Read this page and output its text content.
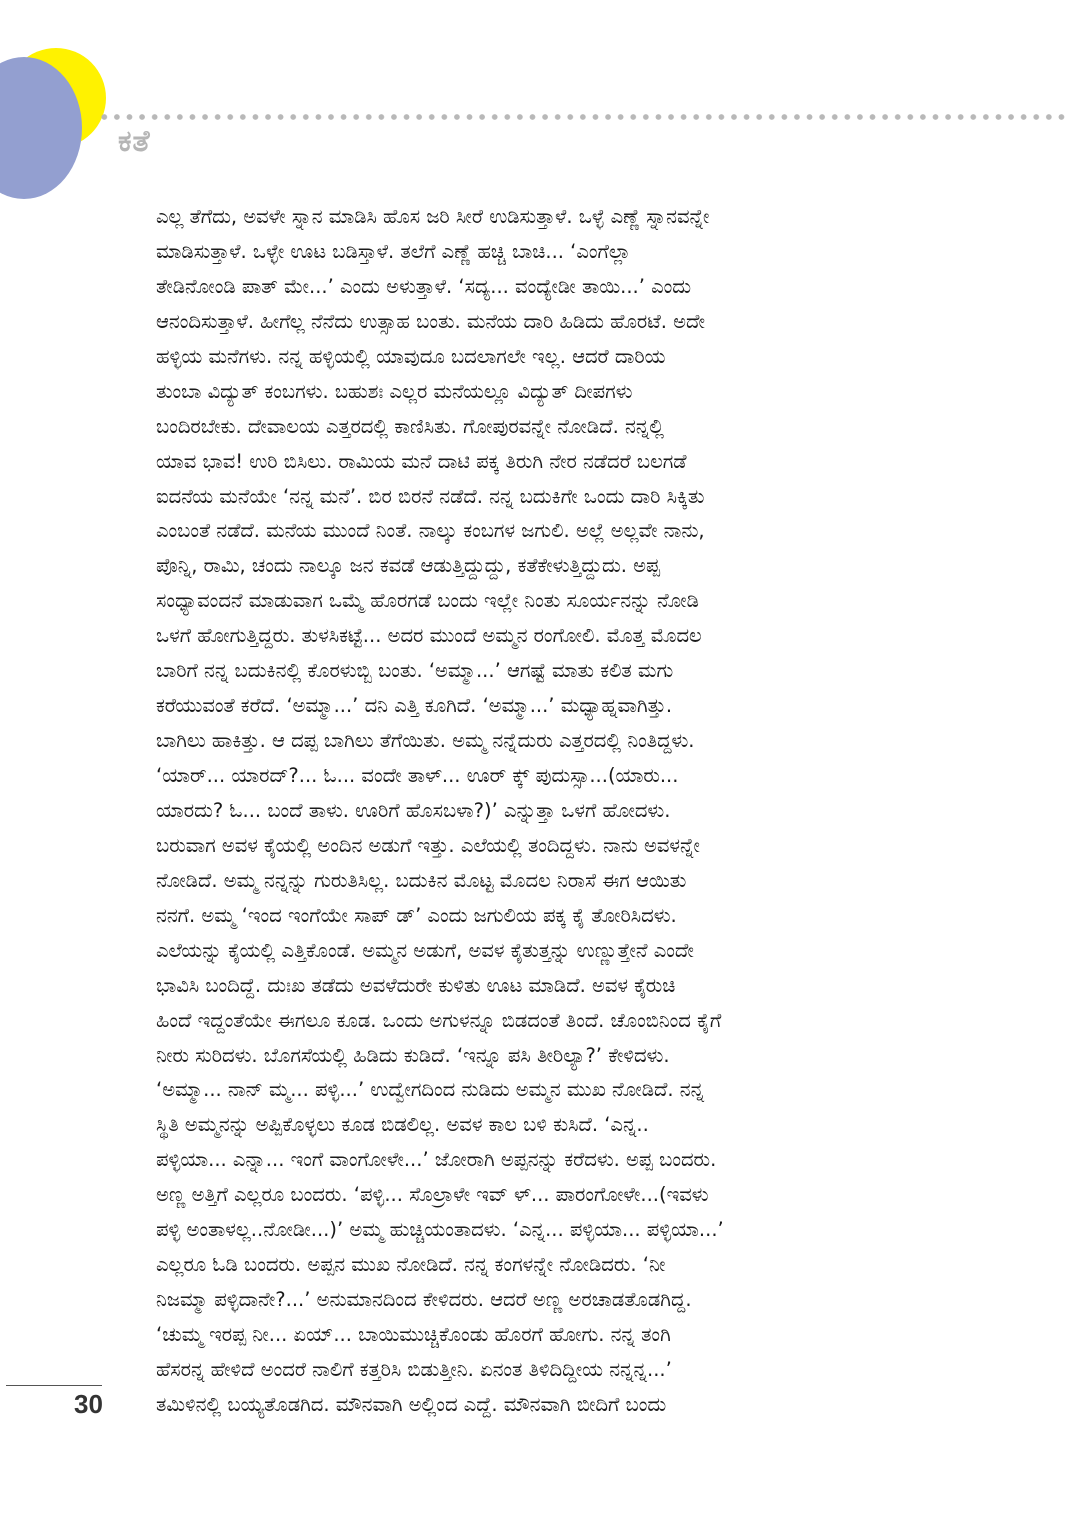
ಕತೆ
ಎಲ್ಲ ತೆಗೆದು, ಅವಳೇ ಸ್ನಾನ ಮಾಡಿಸಿ ಹೊಸ ಜರಿ ಸೀರೆ ಉಡಿಸುತ್ತಾಳೆ. ಒಳ್ಳೆ ಎಣ್ಣೆ ಸ್ನಾನವನ್ನೇ
ಮಾಡಿಸುತ್ತಾಳೆ. ಒಳ್ಳೇ ಊಟ ಬಡಿಸ್ತಾಳೆ. ತಲೆಗೆ ಎಣ್ಣೆ ಹಚ್ಚಿ ಬಾಚಿ... ‘ಎಂಗೆಲ್ಲಾ
ತೇಡಿನೋಂಡಿ ಪಾತ್ ಮೇ...’ ಎಂದು ಅಳುತ್ತಾಳೆ. ‘ಸದ್ಯ... ವಂದ್ಯೇಡೀ ತಾಯಿ...’ ಎಂದು
ಆನಂದಿಸುತ್ತಾಳೆ. ಹೀಗೆಲ್ಲ ನೆನೆದು ಉತ್ಸಾಹ ಬಂತು. ಮನೆಯ ದಾರಿ ಹಿಡಿದು ಹೊರಟೆ. ಅದೇ
ಹಳ್ಳಿಯ ಮನೆಗಳು. ನನ್ನ ಹಳ್ಳಿಯಲ್ಲಿ ಯಾವುದೂ ಬದಲಾಗಲೇ ಇಲ್ಲ. ಆದರೆ ದಾರಿಯ
ತುಂಬಾ ವಿದ್ಯುತ್ ಕಂಬಗಳು. ಬಹುಶಃ ಎಲ್ಲರ ಮನೆಯಲ್ಲೂ ವಿದ್ಯುತ್ ದೀಪಗಳು
ಬಂದಿರಬೇಕು. ದೇವಾಲಯ ಎತ್ತರದಲ್ಲಿ ಕಾಣಿಸಿತು. ಗೋಪುರವನ್ನೇ ನೋಡಿದೆ. ನನ್ನಲ್ಲಿ
ಯಾವ ಭಾವ! ಉರಿ ಬಿಸಿಲು. ರಾಮಿಯ ಮನೆ ದಾಟಿ ಪಕ್ಕ ತಿರುಗಿ ನೇರ ನಡೆದರೆ ಬಲಗಡೆ
ಐದನೆಯ ಮನೆಯೇ ‘ನನ್ನ ಮನೆ’. ಬಿರ ಬಿರನೆ ನಡೆದೆ. ನನ್ನ ಬದುಕಿಗೇ ಒಂದು ದಾರಿ ಸಿಕ್ಕಿತು
ಎಂಬಂತೆ ನಡೆದೆ. ಮನೆಯ ಮುಂದೆ ನಿಂತೆ. ನಾಲ್ಕು ಕಂಬಗಳ ಜಗುಲಿ. ಅಲ್ಲೆ ಅಲ್ಲವೇ ನಾನು,
ಪೊನ್ನಿ, ರಾಮಿ, ಚಂದು ನಾಲ್ಕೂ ಜನ ಕವಡೆ ಆಡುತ್ತಿದ್ದುದ್ದು, ಕತೆಕೇಳುತ್ತಿದ್ದುದು. ಅಪ್ಪ
ಸಂಧ್ಯಾವಂದನೆ ಮಾಡುವಾಗ ಒಮ್ಮೆ ಹೊರಗಡೆ ಬಂದು ಇಲ್ಲೇ ನಿಂತು ಸೂರ್ಯನನ್ನು ನೋಡಿ
ಒಳಗೆ ಹೋಗುತ್ತಿದ್ದರು. ತುಳಸಿಕಟ್ಟೆ... ಅದರ ಮುಂದೆ ಅಮ್ಮನ ರಂಗೋಲಿ. ಮೊತ್ತ ಮೊದಲ
ಬಾರಿಗೆ ನನ್ನ ಬದುಕಿನಲ್ಲಿ ಕೊರಳುಬ್ಬಿ ಬಂತು. ‘ಅಮ್ಮಾ...’ ಆಗಷ್ಟೆ ಮಾತು ಕಲಿತ ಮಗು
ಕರೆಯುವಂತೆ ಕರೆದೆ. ‘ಅಮ್ಮಾ...’ ದನಿ ಎತ್ತಿ ಕೂಗಿದೆ. ‘ಅಮ್ಮಾ...’ ಮಧ್ಯಾಹ್ನವಾಗಿತ್ತು.
ಬಾಗಿಲು ಹಾಕಿತ್ತು. ಆ ದಪ್ಪ ಬಾಗಿಲು ತೆಗೆಯಿತು. ಅಮ್ಮ ನನ್ನೆದುರು ಎತ್ತರದಲ್ಲಿ ನಿಂತಿದ್ದಳು.
‘ಯಾರ್... ಯಾರದ್?... ಓ... ವಂದೇ ತಾಳ್... ಊರ್ ಕ್ಕ್ ಪುದುಸ್ಸಾ...(ಯಾರು...
ಯಾರದು? ಓ... ಬಂದೆ ತಾಳು. ಊರಿಗೆ ಹೊಸಬಳಾ?)’ ಎನ್ನುತ್ತಾ ಒಳಗೆ ಹೋದಳು.
ಬರುವಾಗ ಅವಳ ಕೈಯಲ್ಲಿ ಅಂದಿನ ಅಡುಗೆ ಇತ್ತು. ಎಲೆಯಲ್ಲಿ ತಂದಿದ್ದಳು. ನಾನು ಅವಳನ್ನೇ
ನೋಡಿದೆ. ಅಮ್ಮ ನನ್ನನ್ನು ಗುರುತಿಸಿಲ್ಲ. ಬದುಕಿನ ಮೊಟ್ಟ ಮೊದಲ ನಿರಾಸೆ ಈಗ ಆಯಿತು
ನನಗೆ. ಅಮ್ಮ ‘ಇಂದ ಇಂಗೆಯೇ ಸಾಪ್ ಡ್’ ಎಂದು ಜಗುಲಿಯ ಪಕ್ಕ ಕೈ ತೋರಿಸಿದಳು.
ಎಲೆಯನ್ನು ಕೈಯಲ್ಲಿ ಎತ್ತಿಕೊಂಡೆ. ಅಮ್ಮನ ಅಡುಗೆ, ಅವಳ ಕೈತುತ್ತನ್ನು ಉಣ್ಣುತ್ತೇನೆ ಎಂದೇ
ಭಾವಿಸಿ ಬಂದಿದ್ದೆ. ದುಃಖ ತಡೆದು ಅವಳೆದುರೇ ಕುಳಿತು ಊಟ ಮಾಡಿದೆ. ಅವಳ ಕೈರುಚಿ
ಹಿಂದೆ ಇದ್ದಂತೆಯೇ ಈಗಲೂ ಕೂಡ. ಒಂದು ಅಗುಳನ್ನೂ ಬಿಡದಂತೆ ತಿಂದೆ. ಚೊಂಬಿನಿಂದ ಕೈಗೆ
ನೀರು ಸುರಿದಳು. ಬೊಗಸೆಯಲ್ಲಿ ಹಿಡಿದು ಕುಡಿದೆ. ‘ಇನ್ನೂ ಪಸಿ ತೀರಿಲ್ಯಾ?’ ಕೇಳಿದಳು.
‘ಅಮ್ಮಾ... ನಾನ್ ಮ್ಮ... ಪಳ್ಳಿ...’ ಉದ್ವೇಗದಿಂದ ನುಡಿದು ಅಮ್ಮನ ಮುಖ ನೋಡಿದೆ. ನನ್ನ
ಸ್ಥಿತಿ ಅಮ್ಮನನ್ನು ಅಪ್ಪಿಕೊಳ್ಳಲು ಕೂಡ ಬಿಡಲಿಲ್ಲ. ಅವಳ ಕಾಲ ಬಳಿ ಕುಸಿದೆ. ‘ಎನ್ನ..
ಪಳ್ಳಿಯಾ... ಎನ್ನಾ... ಇಂಗೆ ವಾಂಗೋಳೇ...’ ಜೋರಾಗಿ ಅಪ್ಪನನ್ನು ಕರೆದಳು. ಅಪ್ಪ ಬಂದರು.
ಅಣ್ಣ ಅತ್ತಿಗೆ ಎಲ್ಲರೂ ಬಂದರು. ‘ಪಳ್ಳಿ... ಸೊಲ್ರಾಳೇ ಇವ್ ಳ್... ಪಾರಂಗೋಳೇ...(ಇವಳು
ಪಳ್ಳಿ ಅಂತಾಳಲ್ಲ..ನೋಡೀ...)’ ಅಮ್ಮ ಹುಚ್ಚಿಯಂತಾದಳು. ‘ಎನ್ನ... ಪಳ್ಳಿಯಾ... ಪಳ್ಳಿಯಾ...’
ಎಲ್ಲರೂ ಓಡಿ ಬಂದರು. ಅಪ್ಪನ ಮುಖ ನೋಡಿದೆ. ನನ್ನ ಕಂಗಳನ್ನೇ ನೋಡಿದರು. ‘ನೀ
ನಿಜಮ್ಮಾ ಪಳ್ಳಿದಾನೇ?...’ ಅನುಮಾನದಿಂದ ಕೇಳಿದರು. ಆದರೆ ಅಣ್ಣ ಅರಚಾಡತೊಡಗಿದ್ದ.
‘ಚುಮ್ಮ ಇರಪ್ಪ ನೀ... ಏಯ್... ಬಾಯಿಮುಚ್ಚಿಕೊಂಡು ಹೊರಗೆ ಹೋಗು. ನನ್ನ ತಂಗಿ
ಹೆಸರನ್ನ ಹೇಳಿದೆ ಅಂದರೆ ನಾಲಿಗೆ ಕತ್ತರಿಸಿ ಬಿಡುತ್ತೀನಿ. ಏನಂತ ತಿಳಿದಿದ್ದೀಯ ನನ್ನನ್ನ...’
ತಮಿಳಿನಲ್ಲಿ ಬಯ್ಯತೊಡಗಿದ. ಮೌನವಾಗಿ ಅಲ್ಲಿಂದ ಎದ್ದೆ. ಮೌನವಾಗಿ ಬೀದಿಗೆ ಬಂದು
30
